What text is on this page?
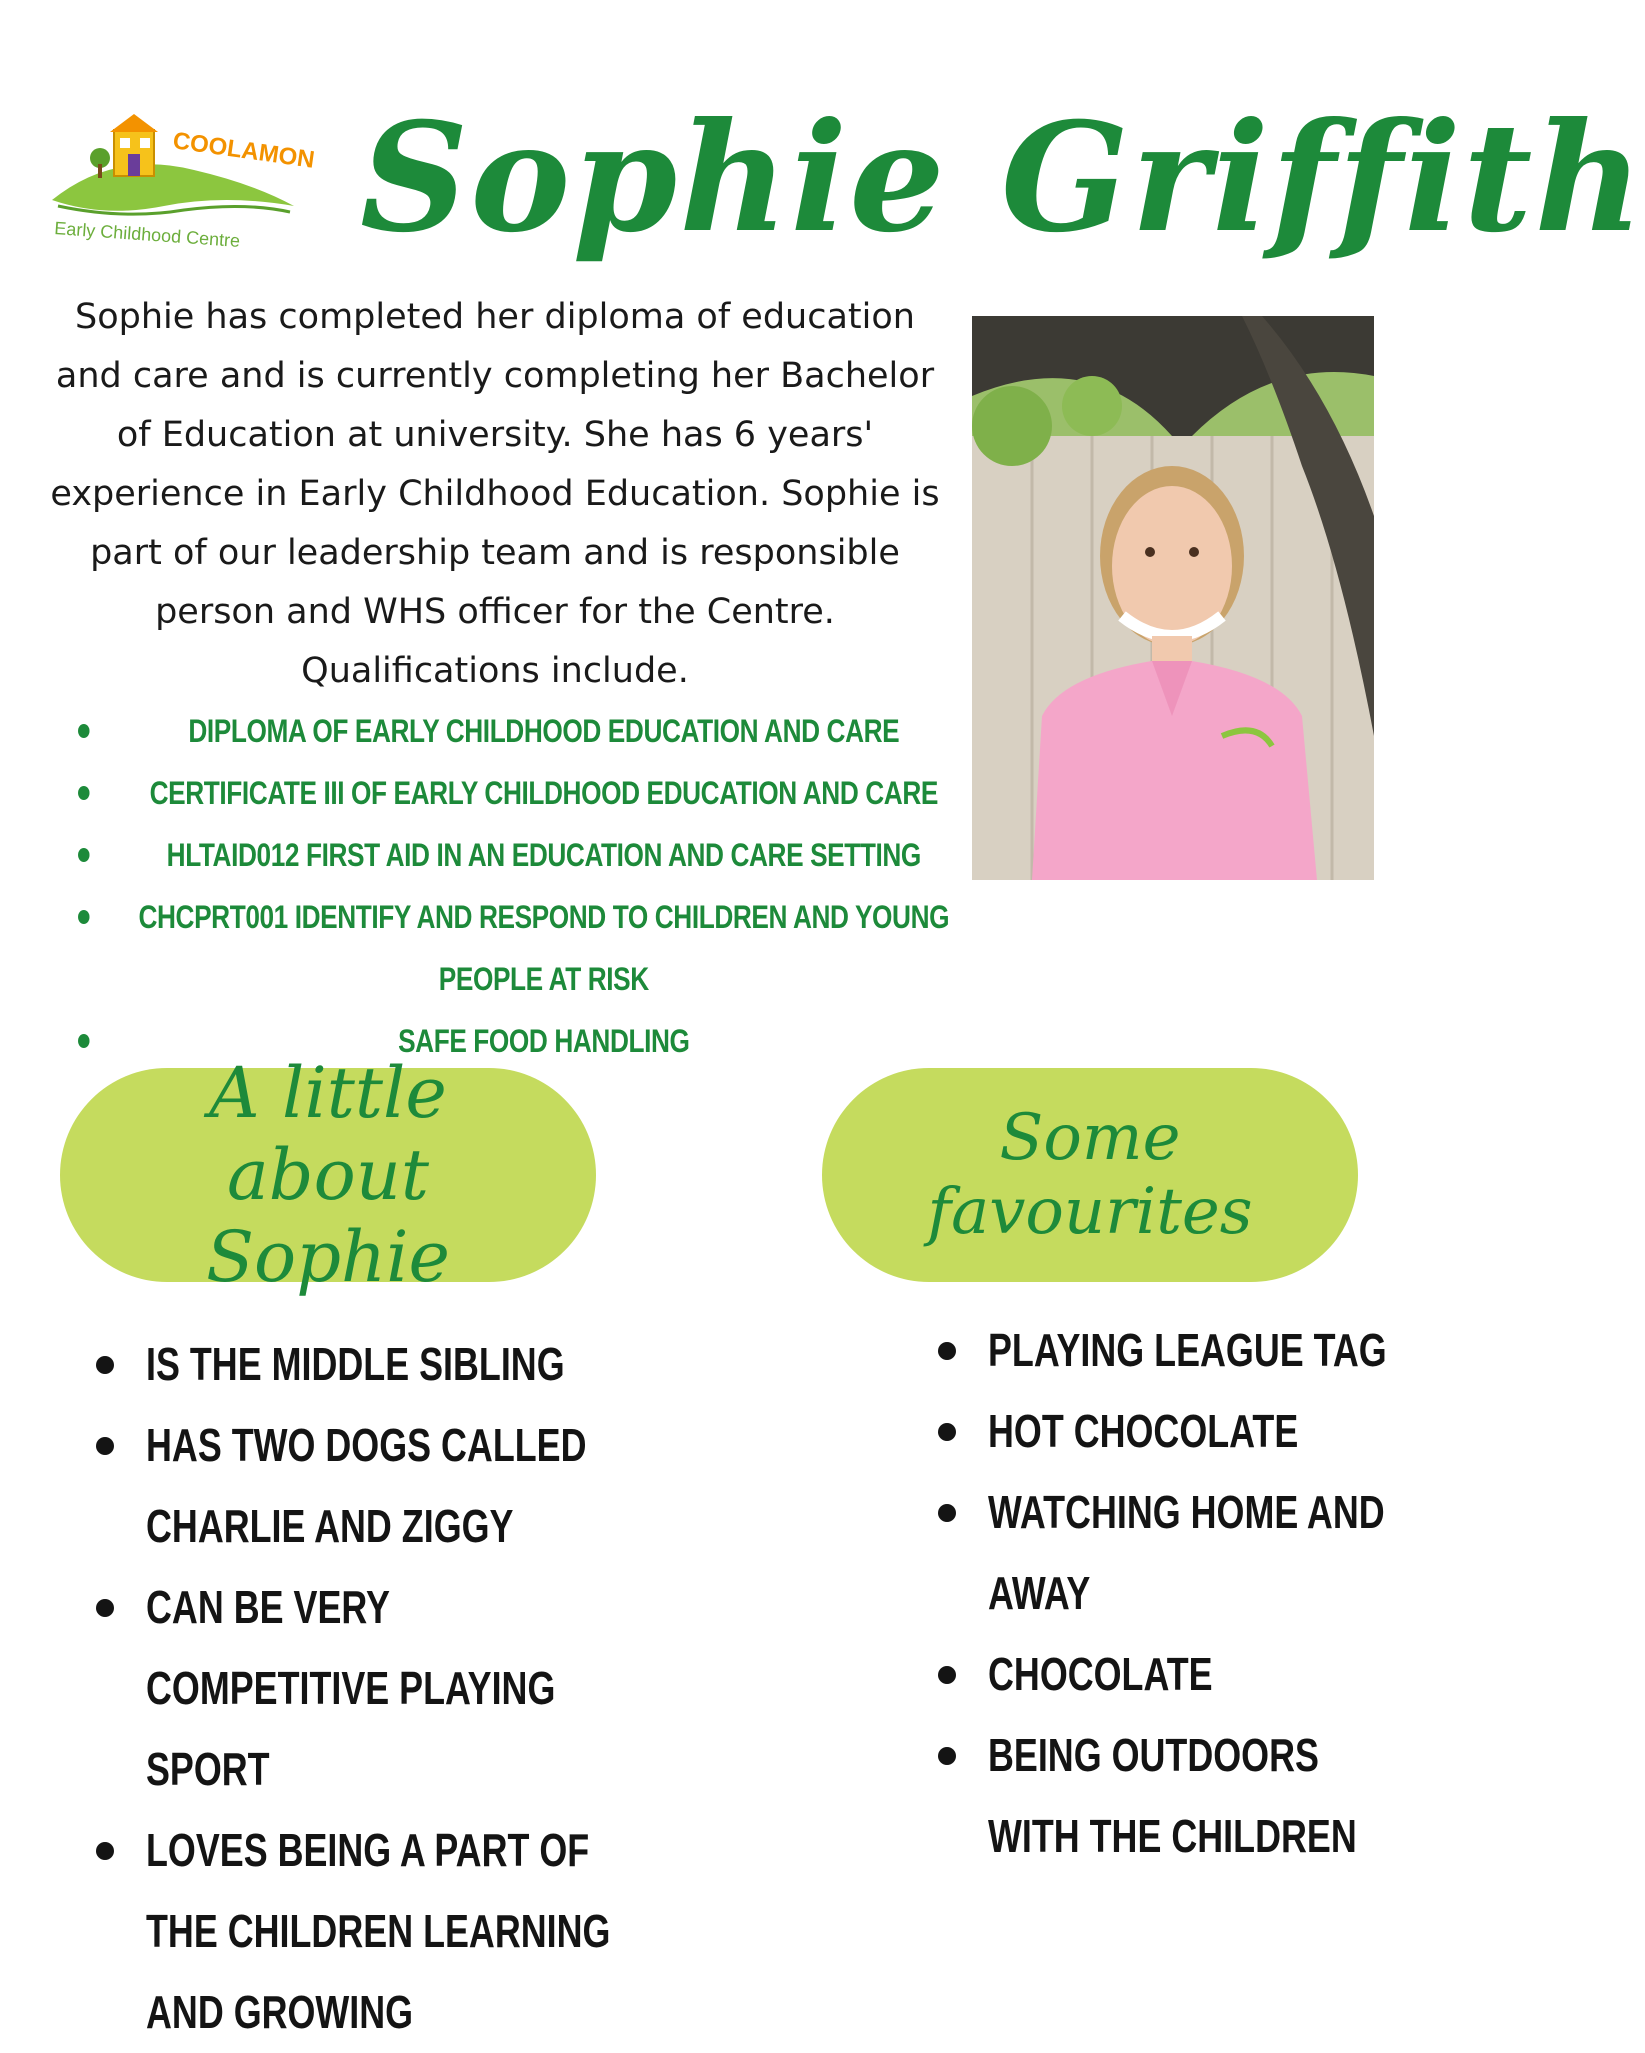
COOLAMON
Early Childhood Centre Sophie Griffith
Sophie has completed her diploma of education and care and is currently completing her Bachelor of Education at university. She has 6 years' experience in Early Childhood Education. Sophie is part of our leadership team and is responsible person and WHS officer for the Centre. Qualifications include.
DIPLOMA OF EARLY CHILDHOOD EDUCATION AND CARE
CERTIFICATE III OF EARLY CHILDHOOD EDUCATION AND CARE
HLTAID012 FIRST AID IN AN EDUCATION AND CARE SETTING
CHCPRT001 IDENTIFY AND RESPOND TO CHILDREN AND YOUNG PEOPLE AT RISK
SAFE FOOD HANDLING
A little about Sophie
IS THE MIDDLE SIBLING
HAS TWO DOGS CALLED CHARLIE AND ZIGGY
CAN BE VERY COMPETITIVE PLAYING SPORT
LOVES BEING A PART OF THE CHILDREN LEARNING AND GROWING
Some favourites
PLAYING LEAGUE TAG
HOT CHOCOLATE
WATCHING HOME AND AWAY
CHOCOLATE
BEING OUTDOORS WITH THE CHILDREN
